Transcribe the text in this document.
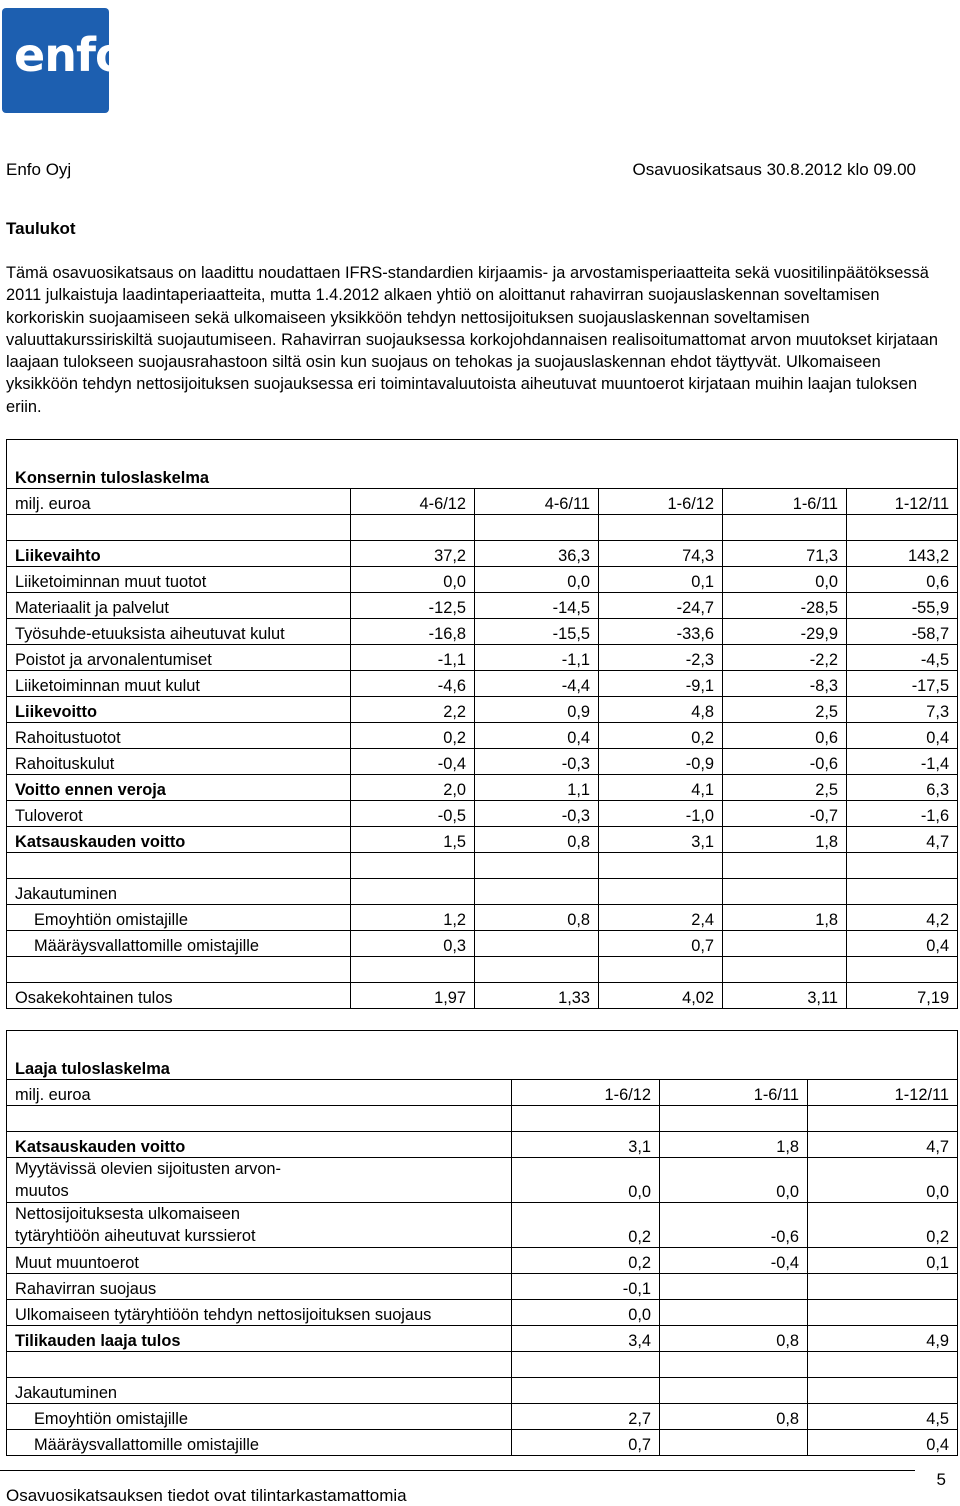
enfo
Enfo Oyj	Osavuosikatsaus 30.8.2012 klo 09.00
Taulukot
Tämä osavuosikatsaus on laadittu noudattaen IFRS-standardien kirjaamis- ja arvostamisperiaatteita sekä vuositilinpäätöksessä 2011 julkaistuja laadintaperiaatteita, mutta 1.4.2012 alkaen yhtiö on aloittanut rahavirran suojauslaskennan soveltamisen korkoriskin suojaamiseen sekä ulkomaiseen yksikköön tehdyn nettosijoituksen suojauslaskennan soveltamisen valuuttakurssiriskiltä suojautumiseen. Rahavirran suojauksessa korkojohdannaisen realisoitumattomat arvon muutokset kirjataan laajaan tulokseen suojausrahastoon siltä osin kun suojaus on tehokas ja suojauslaskennan ehdot täyttyvät. Ulkomaiseen yksikköön tehdyn nettosijoituksen suojauksessa eri toimintavaluutoista aiheutuvat muuntoerot kirjataan muihin laajan tuloksen eriin.
Konsernin tuloslaskelma					
milj. euroa	4-6/12	4-6/11	1-6/12	1-6/11	1-12/11

Liikevaihto	37,2	36,3	74,3	71,3	143,2
Liiketoiminnan muut tuotot	0,0	0,0	0,1	0,0	0,6
Materiaalit ja palvelut	-12,5	-14,5	-24,7	-28,5	-55,9
Työsuhde-etuuksista aiheutuvat kulut	-16,8	-15,5	-33,6	-29,9	-58,7
Poistot ja arvonalentumiset	-1,1	-1,1	-2,3	-2,2	-4,5
Liiketoiminnan muut kulut	-4,6	-4,4	-9,1	-8,3	-17,5
Liikevoitto	2,2	0,9	4,8	2,5	7,3
Rahoitustuotot	0,2	0,4	0,2	0,6	0,4
Rahoituskulut	-0,4	-0,3	-0,9	-0,6	-1,4
Voitto ennen veroja	2,0	1,1	4,1	2,5	6,3
Tuloverot	-0,5	-0,3	-1,0	-0,7	-1,6
Katsauskauden voitto	1,5	0,8	3,1	1,8	4,7

Jakautuminen					
Emoyhtiön omistajille	1,2	0,8	2,4	1,8	4,2
Määräysvallattomille omistajille	0,3		0,7		0,4

Osakekohtainen tulos	1,97	1,33	4,02	3,11	7,19
Laaja tuloslaskelma			
milj. euroa	1-6/12	1-6/11	1-12/11

Katsauskauden voitto	3,1	1,8	4,7

Myytävissä olevien sijoitusten arvon-
muutos	0,0	0,0	0,0

Nettosijoituksesta ulkomaiseen
tytäryhtiöön aiheutuvat kurssierot	0,2	-0,6	0,2
Muut muuntoerot	0,2	-0,4	0,1
Rahavirran suojaus	-0,1		
Ulkomaiseen tytäryhtiöön tehdyn nettosijoituksen suojaus	0,0		
Tilikauden laaja tulos	3,4	0,8	4,9

Jakautuminen			
Emoyhtiön omistajille	2,7	0,8	4,5
Määräysvallattomille omistajille	0,7		0,4
Osavuosikatsauksen tiedot ovat tilintarkastamattomia
5
